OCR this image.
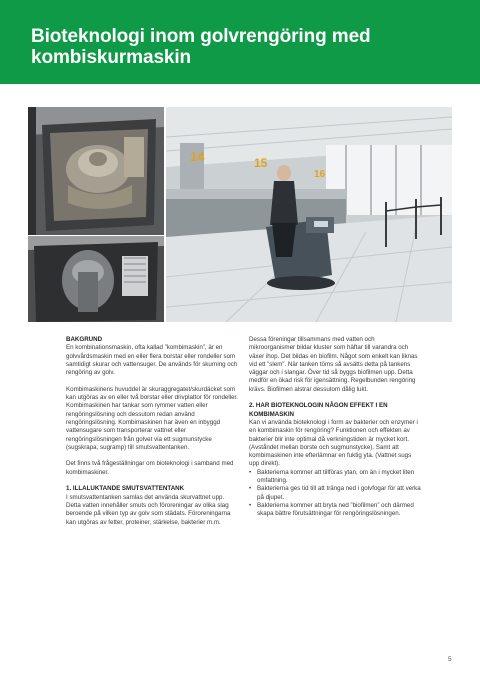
Bioteknologi inom golvrengöring med kombiskurmaskin
14	15
16
BAKGRUND

En kombinationsmaskin, ofta kallad ”kombimaskin”, är en golvvårdsmaskin med en eller flera borstar eller rondeller som samtidigt skurar och vattensuger. De används för skurning och rengöring av golv.

Kombimaskinens huvuddel är skuraggregatet/skurdäcket som kan utgöras av en eller två borstar eller drivplattor för rondeller. Kombimaskinen har tankar som rymmer vatten eller rengöringslösning och dessutom redan använd rengöringslösning. Kombimaskinen har även en inbyggd vattensugare som transporterar vattnet eller rengöringslösningen från golvet via ett sugmunstycke (sugskrapa, sugramp) till smutsvattentanken.

Det finns två frågeställningar om bioteknologi i samband med kombimaskiner.

1. ILLALUKTANDE SMUTSVATTENTANK

I smutsvattentanken samlas det använda skurvattnet upp. Detta vatten innehåller smuts och föroreningar av olika slag beroende på vilken typ av golv som städats. Föroreningarna kan utgöras av fetter, proteiner, stärkelse, bakterier m.m.

Dessa föreningar tillsammans med vatten och mikroorganismer bildar kluster som häftar till varandra och växer ihop. Det bildas en biofilm. Något som enkelt kan liknas vid ett ”slem”. När tanken töms så avsätts detta på tankens väggar och i slangar. Över tid så byggs biofilmen upp. Detta medför en ökad risk för igensättning. Regelbunden rengöring krävs. Biofilmen alstrar dessutom dålig lukt.

2. HAR BIOTEKNOLOGIN NÅGON EFFEKT I EN KOMBIMASKIN

Kan vi använda bioteknologi i form av bakterier och enzymer i en kombimaskin för rengöring? Funktionen och effekten av bakterier blir inte optimal då verkningstiden är mycket kort. (Avståndet mellan borste och sugmunstycke). Samt att kombimaskinen inte efterlämnar en fuktig yta. (Vattnet sugs upp direkt).

• Bakterierna kommer att tillföras ytan, om än i mycket liten omfattning.
• Bakterierna ges tid till att tränga ned i golvfogar för att verka på djupet.
• Bakterierna kommer att bryta ned ”biofilmen” och därmed skapa bättre förutsättningar för rengöringslösningen.
5
